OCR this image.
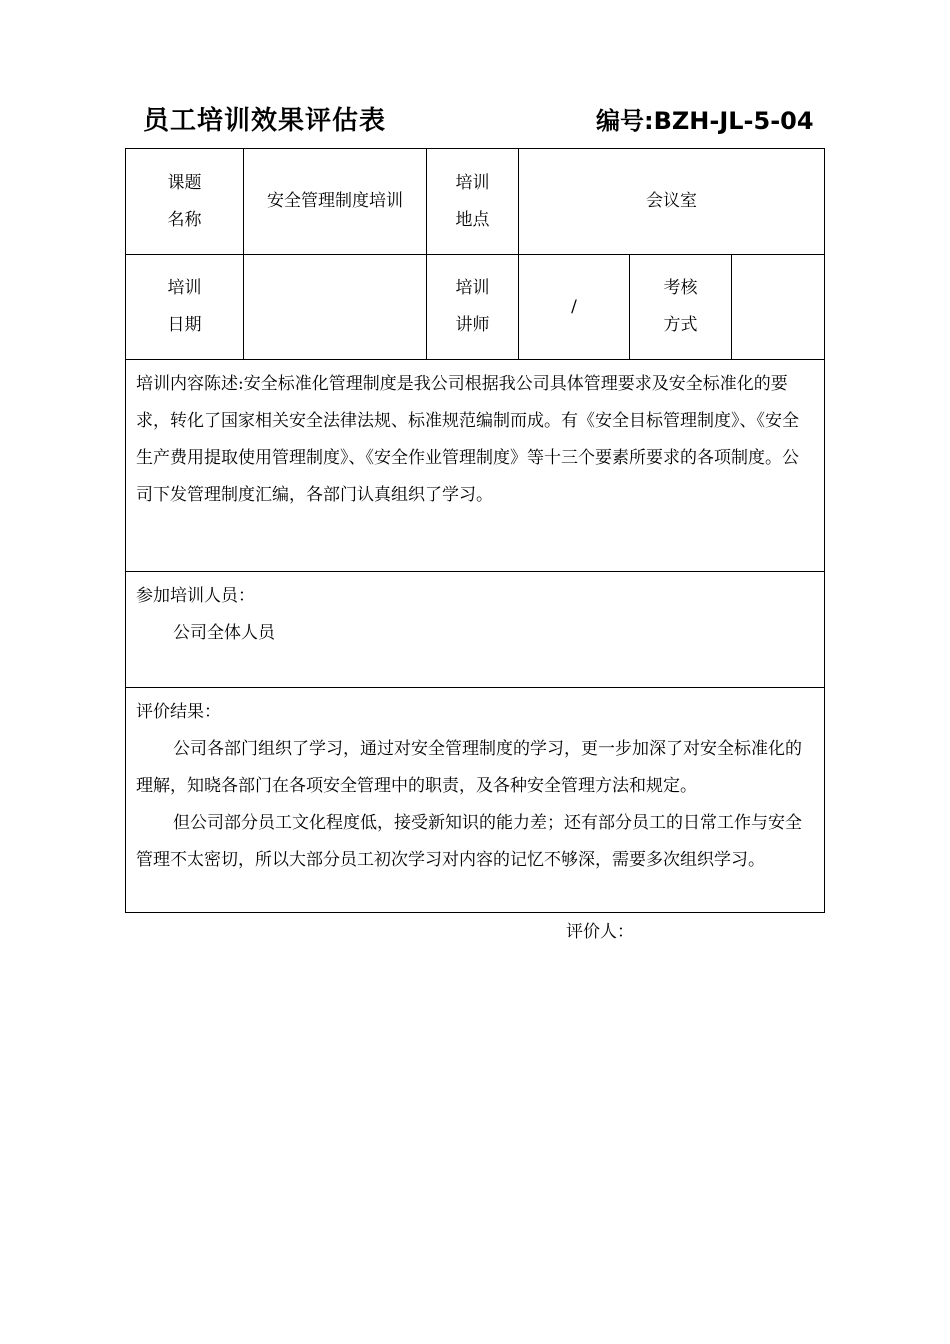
员工培训效果评估表	编号:BZH-JL-5-04
课题
名称
安全管理制度培训
培训
地点
会议室
培训
日期
培训
讲师
/
考核
方式

培训内容陈述:安全标准化管理制度是我公司根据我公司具体管理要求及安全标准化的要求，转化了国家相关安全法律法规、标准规范编制而成。有《安全目标管理制度》、《安全生产费用提取使用管理制度》、《安全作业管理制度》等十三个要素所要求的各项制度。公司下发管理制度汇编，各部门认真组织了学习。

参加培训人员：

公司全体人员

评价结果：

公司各部门组织了学习，通过对安全管理制度的学习，更一步加深了对安全标准化的理解，知晓各部门在各项安全管理中的职责，及各种安全管理方法和规定。

但公司部分员工文化程度低，接受新知识的能力差；还有部分员工的日常工作与安全管理不太密切，所以大部分员工初次学习对内容的记忆不够深，需要多次组织学习。

评价人：
